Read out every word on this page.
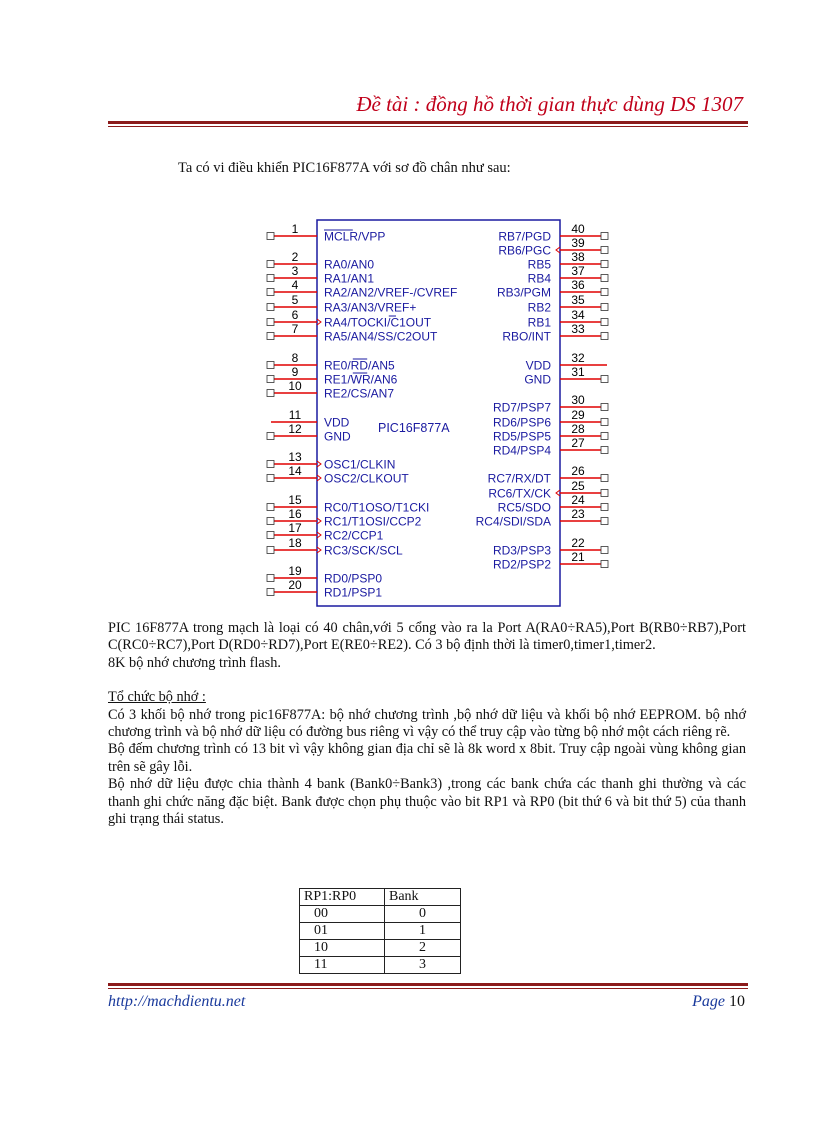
Đề tài : đồng hồ thời gian thực dùng DS 1307
Ta có vi điều khiển PIC16F877A với sơ đồ chân như sau:
PIC16F877A
1
MCLR/VPP
2
RA0/AN0
3
RA1/AN1
4
RA2/AN2/VREF-/CVREF
5
RA3/AN3/VREF+
6
RA4/TOCKI/C1OUT
7
RA5/AN4/SS/C2OUT
8
RE0/RD/AN5
9
RE1/WR/AN6
10
RE2/CS/AN7
11
VDD
12
GND
13
OSC1/CLKIN
14
OSC2/CLKOUT
15
RC0/T1OSO/T1CKI
16
RC1/T1OSI/CCP2
17
RC2/CCP1
18
RC3/SCK/SCL
19
RD0/PSP0
20
RD1/PSP1
40
RB7/PGD 39
RB6/PGC 38
RB5 37
RB4 36
RB3/PGM
35
RB2
34
RB1 33
RBO/INT
32
VDD 31
GND
30
RD7/PSP7
29
RD6/PSP6 28
RD5/PSP5 27
RD4/PSP4
26
RC7/RX/DT
25
RC6/TX/CK 24
RC5/SDO 23
RC4/SDI/SDA
22
RD3/PSP3 21
RD2/PSP2

PIC 16F877A trong mạch là loại có 40 chân,với 5 cổng vào ra la Port A(RA0÷RA5),Port B(RB0÷RB7),Port C(RC0÷RC7),Port D(RD0÷RD7),Port E(RE0÷RE2). Có 3 bộ định thời là timer0,timer1,timer2.

8K bộ nhớ chương trình flash.

Tổ chức bộ nhớ :

Có 3 khối bộ nhớ trong pic16F877A: bộ nhớ chương trình ,bộ nhớ dữ liệu và khối bộ nhớ EEPROM. bộ nhớ chương trình và bộ nhớ dữ liệu có đường bus riêng vì vậy có thể truy cập vào từng bộ nhớ một cách riêng rẽ.

Bộ đếm chương trình có 13 bit vì vậy không gian địa chỉ sẽ là 8k word x 8bit. Truy cập ngoài vùng không gian trên sẽ gây lỗi.

Bộ nhớ dữ liệu được chia thành 4 bank (Bank0÷Bank3) ,trong các bank chứa các thanh ghi thường và các thanh ghi chức năng đặc biệt. Bank được chọn phụ thuộc vào bit RP1 và RP0 (bit thứ 6 và bit thứ 5) của thanh ghi trạng thái status.

RP1:RP0	Bank
00	0
01	1
10	2
11	3
http://machdientu.net	Page 10
